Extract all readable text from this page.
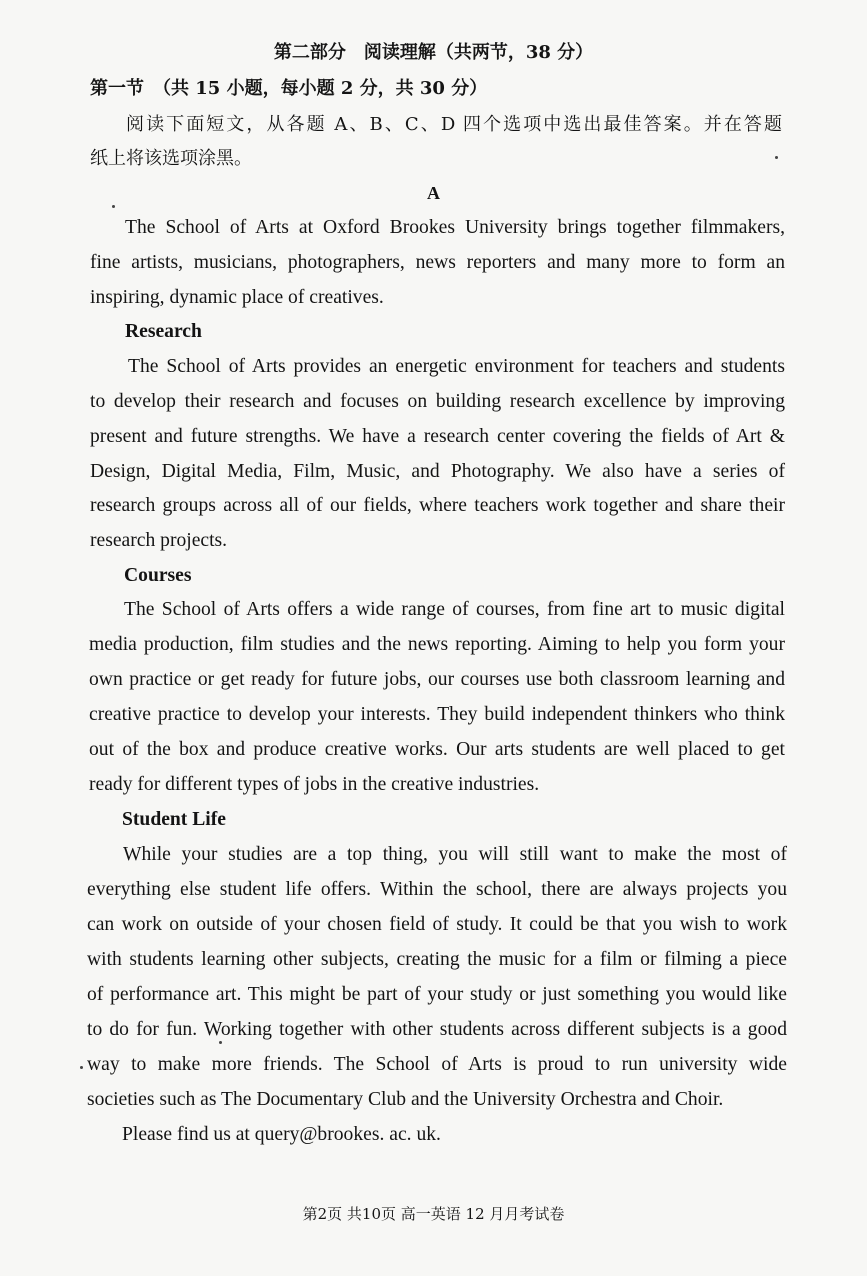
第二部分　阅读理解（共两节，38 分）
第一节　（共 15 小题，每小题 2 分，共 30 分）
阅读下面短文，从各题 A、B、C、D 四个选项中选出最佳答案。并在答题
纸上将该选项涂黑。
A
The School of Arts at Oxford Brookes University brings together filmmakers,
fine artists, musicians, photographers, news reporters and many more to form an
inspiring, dynamic place of creatives.
Research
The School of Arts provides an energetic environment for teachers and students
to develop their research and focuses on building research excellence by improving
present and future strengths. We have a research center covering the fields of Art &
Design, Digital Media, Film, Music, and Photography. We also have a series of
research groups across all of our fields, where teachers work together and share their
research projects.
Courses
The School of Arts offers a wide range of courses, from fine art to music digital
media production, film studies and the news reporting. Aiming to help you form your
own practice or get ready for future jobs, our courses use both classroom learning and
creative practice to develop your interests. They build independent thinkers who think
out of the box and produce creative works. Our arts students are well placed to get
ready for different types of jobs in the creative industries.
Student Life
While your studies are a top thing, you will still want to make the most of
everything else student life offers. Within the school, there are always projects you
can work on outside of your chosen field of study. It could be that you wish to work
with students learning other subjects, creating the music for a film or filming a piece
of performance art. This might be part of your study or just something you would like
to do for fun. Working together with other students across different subjects is a good
way to make more friends. The School of Arts is proud to run university wide
societies such as The Documentary Club and the University Orchestra and Choir.
Please find us at query@brookes. ac. uk.
第2页 共10页 高一英语 12 月月考试卷
